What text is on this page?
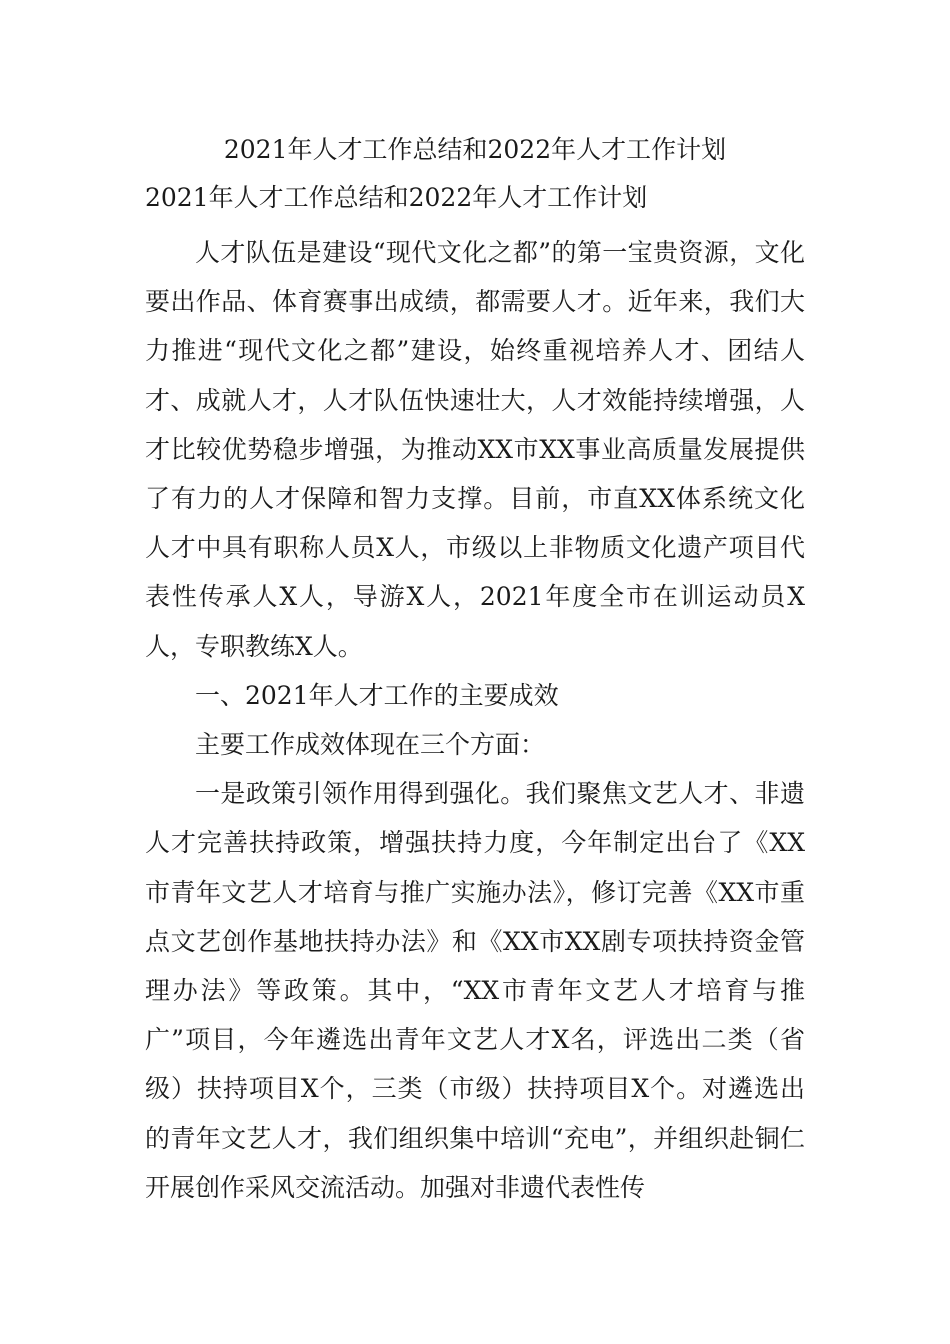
2021年人才工作总结和2022年人才工作计划
2021年人才工作总结和2022年人才工作计划

人才队伍是建设“现代文化之都”的第一宝贵资源，文化要出作品、体育赛事出成绩，都需要人才。近年来，我们大力推进“现代文化之都”建设，始终重视培养人才、团结人才、成就人才，人才队伍快速壮大，人才效能持续增强，人才比较优势稳步增强，为推动XX市XX事业高质量发展提供了有力的人才保障和智力支撑。目前，市直XX体系统文化人才中具有职称人员X人，市级以上非物质文化遗产项目代表性传承人X人，导游X人，2021年度全市在训运动员X人，专职教练X人。

一、2021年人才工作的主要成效

主要工作成效体现在三个方面：

一是政策引领作用得到强化。我们聚焦文艺人才、非遗人才完善扶持政策，增强扶持力度，今年制定出台了《XX市青年文艺人才培育与推广实施办法》，修订完善《XX市重点文艺创作基地扶持办法》和《XX市XX剧专项扶持资金管理办法》等政策。其中，“XX市青年文艺人才培育与推广”项目，今年遴选出青年文艺人才X名，评选出二类（省级）扶持项目X个，三类（市级）扶持项目X个。对遴选出的青年文艺人才，我们组织集中培训“充电”，并组织赴铜仁开展创作采风交流活动。加强对非遗代表性传
